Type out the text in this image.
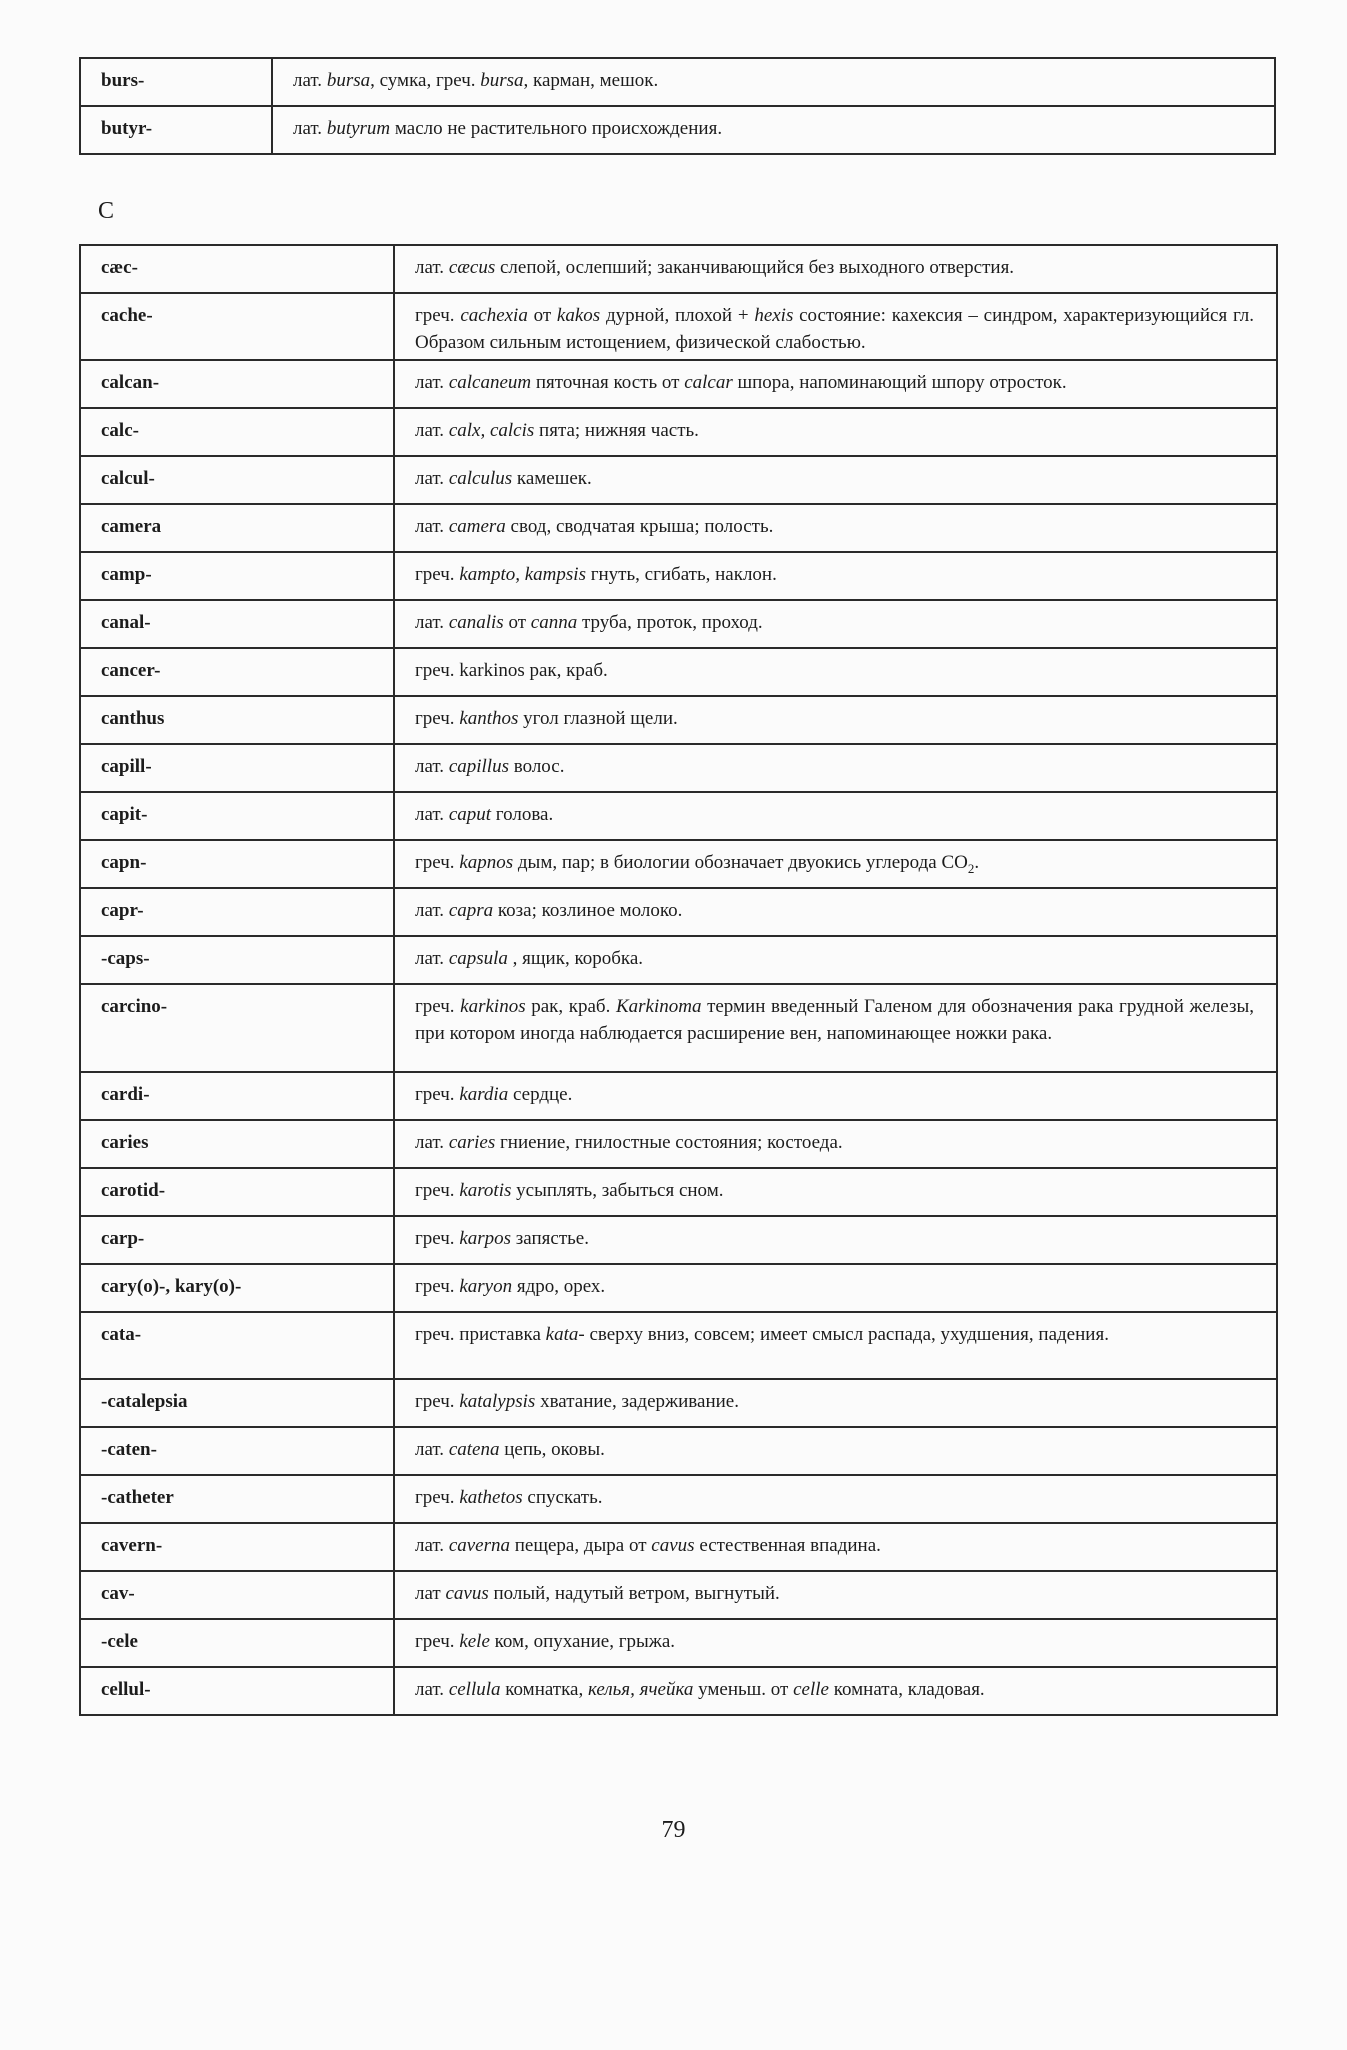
burs-	лат. bursa, сумка, греч. bursa, карман, мешок.
butyr-	лат. butyrum масло не растительного происхождения.
C
cæc-	лат. cæcus слепой, ослепший; заканчивающийся без выходного отверстия.
cache-	греч. cachexia от kakos дурной, плохой + hexis состояние: кахексия – синдром, характеризующийся гл. Образом сильным истощением, физической слабостью.
calcan-	лат. calcaneum пяточная кость от calcar шпора, напоминающий шпору отросток.
calc-	лат. calx, calcis пята; нижняя часть.
calcul-	лат. calculus камешек.
camera	лат. camera свод, сводчатая крыша; полость.
camp-	греч. kampto, kampsis гнуть, сгибать, наклон.
canal-	лат. canalis от canna труба, проток, проход.
cancer-	греч. karkinos рак, краб.
canthus	греч. kanthos угол глазной щели.
capill-	лат. capillus волос.
capit-	лат. caput голова.
capn-	греч. kapnos дым, пар; в биологии обозначает двуокись углерода $CO_2$.
capr-	лат. capra коза; козлиное молоко.
-caps-	лат. capsula , ящик, коробка.
carcino-	греч. karkinos рак, краб. Karkinoma термин введенный Галеном для обозначения рака грудной железы, при котором иногда наблюдается расширение вен, напоминающее ножки рака.
cardi-	греч. kardia сердце.
caries	лат. caries гниение, гнилостные состояния; костоеда.
carotid-	греч. karotis усыплять, забыться сном.
carp-	греч. karpos запястье.
cary(o)-, kary(o)-	греч. karyon ядро, орех.
cata-	греч. приставка kata- сверху вниз, совсем; имеет смысл распада, ухудшения, падения.
-catalepsia	греч. katalypsis хватание, задерживание.
-caten-	лат. catena цепь, оковы.
-catheter	греч. kathetos спускать.
cavern-	лат. caverna пещера, дыра от cavus естественная впадина.
cav-	лат cavus полый, надутый ветром, выгнутый.
-cele	греч. kele ком, опухание, грыжа.
cellul-	лат. cellula комнатка, келья, ячейка уменьш. от celle комната, кладовая.
79
